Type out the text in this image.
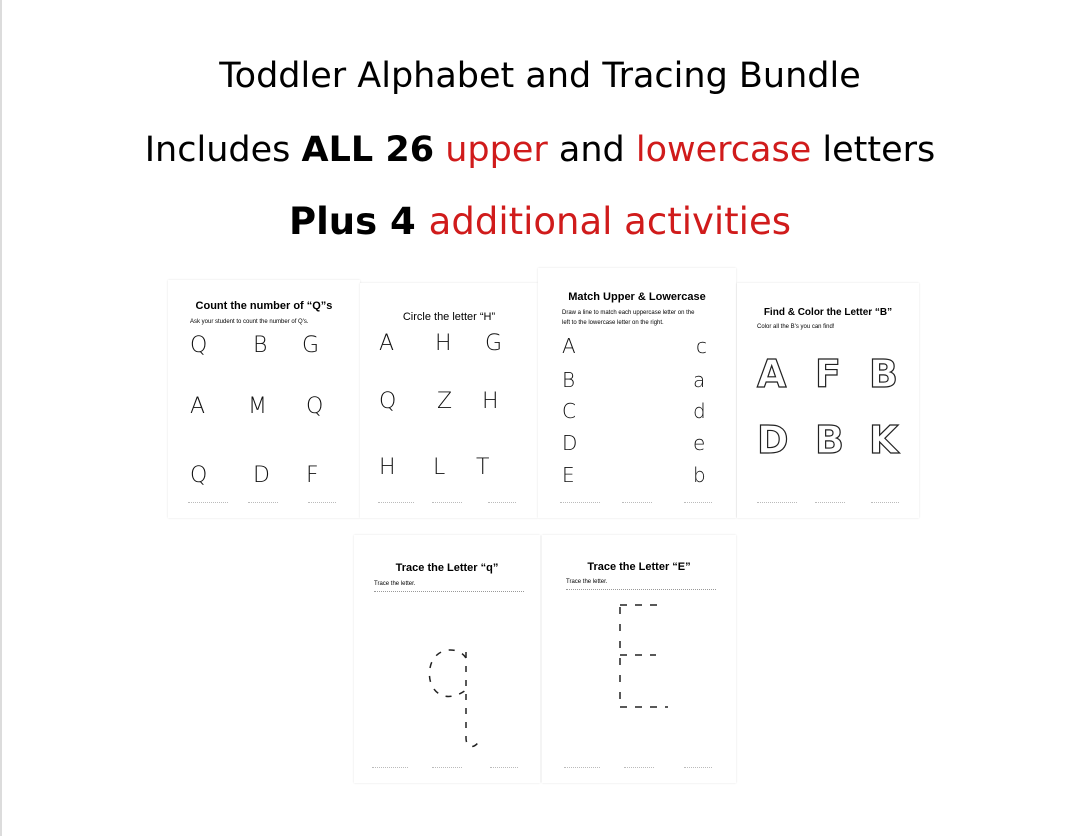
Toddler Alphabet and Tracing Bundle
Includes ALL 26 upper and lowercase letters
Plus 4 additional activities
Count the number of “Q”s
Ask your student to count the number of Q's.
Q B G
A M Q
Q D F
Circle the letter “H”
A H G
Q Z H
H L T
Match Upper & Lowercase
Draw a line to match each uppercase letter on the
left to the lowercase letter on the right.
A
B
C
D
E
c
a
d
e
b
Find & Color the Letter “B”
Color all the B's you can find!
A F B
D B K
Trace the Letter “q”
Trace the letter.
Trace the Letter “E”
Trace the letter.
